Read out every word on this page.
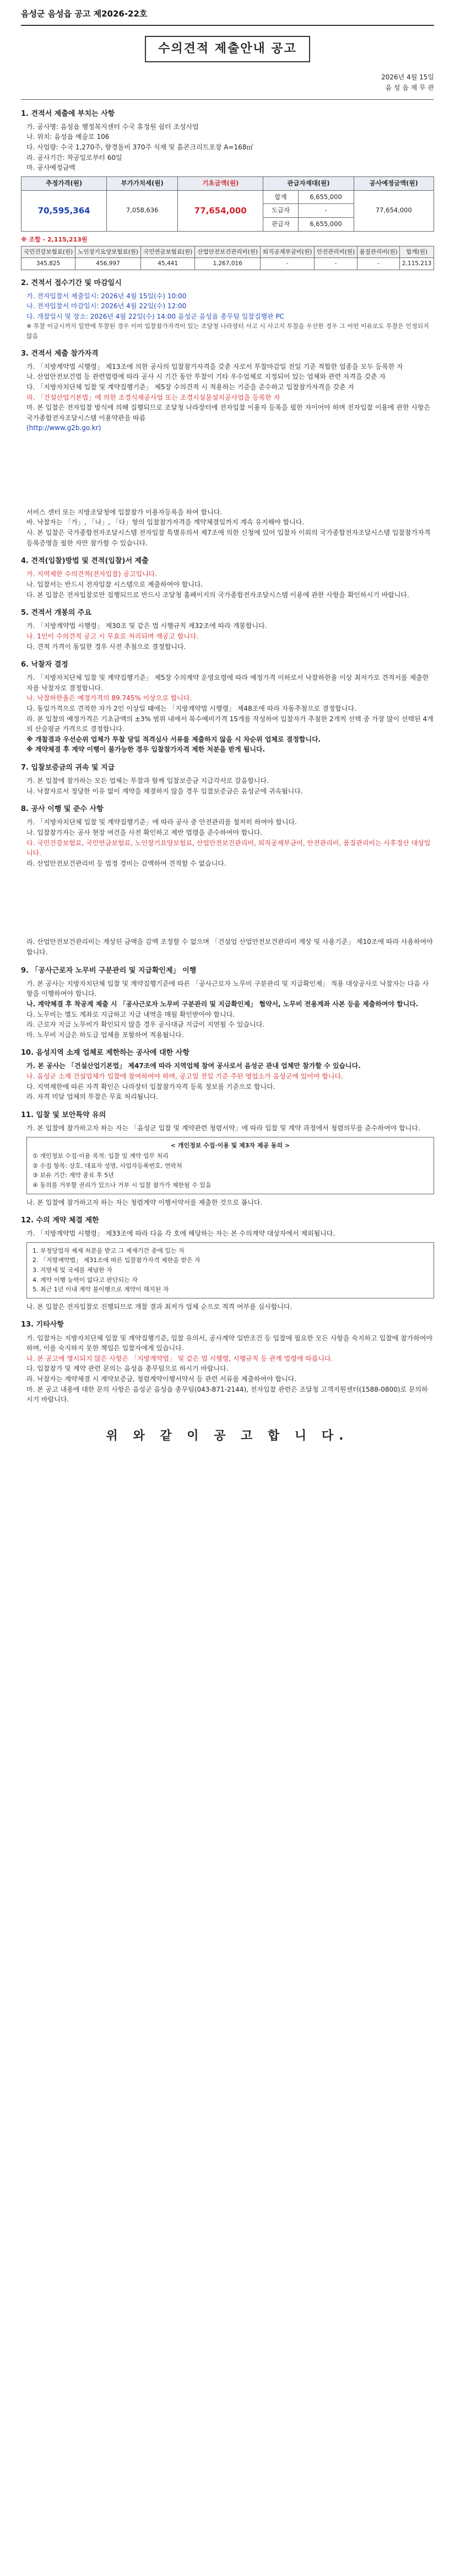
음성군 음성읍 공고 제2026-22호
수의견적 제출안내 공고
2026년 4월 15일
음 성 읍 재 무 관
1. 견적서 제출에 부치는 사항
가. 공사명: 음성읍 행정복지센터 수국 휴정원 쉼터 조성사업
나. 위치: 음성읍 예술로 106
다. 사업량: 수국 1,270주, 향경돌비 370주 식재 및 흙콘크리트포장 A=168㎡
라. 공사기간: 착공일로부터 60일
마. 공사예정금액
추정가격(원)	부가가치세(원)	기초금액(원)	관급자재대(원)		공사예정금액(원)
70,595,364	7,058,636	77,654,000	합계	6,655,000	77,654,000
			도급자	-	
			관급자	6,655,000	
※ 조합 - 2,115,213원
국민건강보험료(원)	노인장기요양보험료(원)	국민연금보험료(원)	산업안전보건관리비(원)	퇴직공제부금비(원)	안전관리비(원)	품질관리비(원)	합계(원)
345,825	456,997	45,441	1,267,016	-	-	-	2,115,213
2. 견적서 접수기간 및 마감일시
가. 전자입찰서 제출일시: 2026년 4월 15일(수) 10:00
나. 전자입찰서 마감일시: 2026년 4월 22일(수) 12:00
다. 개찰일시 및 장소: 2026년 4월 22일(수) 14:00 음성군 음성읍 총무팀 입찰집행관 PC
※ 투찰 이금시까지 일반에 투찰된 경우 이미 입찰참가자격이 있는 조달청 나라장터 사고 시 사고지 투찰을 우선한 경우 그 어떤 이유로도 투찰은 인정되지 않음
3. 견적서 제출 참가자격
가. 「지방계약법 시행령」 제13조에 의한 공사의 입찰참가자격을 갖춘 자로서 투찰마감일 전일 기준 적합한 업종을 모두 등록한 자
나. 산업안전보건법 등 관련법령에 따라 공사 시 기간 동안 투찰이 기타 우수업체로 지정되어 있는 업체와 관련 자격을 갖춘 자
다. 「지방자치단체 입찰 및 계약집행기준」 제5장 수의견적 시 적용하는 기준을 준수하고 입찰참가자격을 갖춘 자
라. 「건설산업기본법」에 의한 조경식재공사업 또는 조경시설물설치공사업을 등록한 자
마. 본 입찰은 전자입찰 방식에 의해 집행되므로 조달청 나라장터에 전자입찰 이용자 등록을 필한 자이어야 하며 전자입찰 이용에 관한 사항은 국가종합전자조달시스템 이용약관을 따름
(http://www.g2b.go.kr)
서비스 센터 또는 지방조달청에 입찰참가 이용자등록을 하여 합니다.
바. 낙찰자는 「가」, 「나」, 「다」항의 입찰참가자격을 계약체결일까지 계속 유지해야 합니다.
사. 본 입찰은 국가종합전자조달시스템 전자입찰 특별유의서 제7조에 의한 신청에 있어 입찰자 이외의 국가종합전자조달시스템 입찰참가자격등록증명을 필한 자만 참가할 수 있습니다.
4. 견적(입찰)방법 및 견적(입찰)서 제출
가. 지역제한 수의견적(전자입찰) 공고입니다.
나. 입찰서는 반드시 전자입찰 시스템으로 제출하여야 합니다.
다. 본 입찰은 전자입찰로만 집행되므로 반드시 조달청 홈페이지의 국가종합전자조달시스템 이용에 관한 사항을 확인하시기 바랍니다.
5. 견적서 개봉의 주요
가. 「지방계약법 시행령」 제30조 및 같은 법 시행규칙 제32조에 따라 개봉합니다.
나. 1인이 수의견적 공고 시 무효로 처리되며 재공고 합니다.
다. 견적 가격이 동일한 경우 사전 추첨으로 결정합니다.
6. 낙찰자 결정
가. 「지방자치단체 입찰 및 계약집행기준」 제5장 수의계약 운영요령에 따라 예정가격 이하로서 낙찰하한율 이상 최저가로 견적서를 제출한 자를 낙찰자로 결정합니다.
나. 낙찰하한율은 예정가격의 89.745% 이상으로 합니다.
다. 동일가격으로 견적한 자가 2인 이상일 때에는 「지방계약법 시행령」 제48조에 따라 자동추첨으로 결정합니다.
라. 본 입찰의 예정가격은 기초금액의 ±3% 범위 내에서 복수예비가격 15개를 작성하여 입찰자가 추첨한 2개씩 선택 중 가장 많이 선택된 4개의 산술평균 가격으로 결정합니다.
※ 개찰결과 우선순위 업체가 투찰 당일 적격심사 서류를 제출하지 않을 시 차순위 업체로 결정합니다.
※ 계약체결 후 계약 이행이 불가능한 경우 입찰참가자격 제한 처분을 받게 됩니다.
7. 입찰보증금의 귀속 및 지급
가. 본 입찰에 참가하는 모든 업체는 투찰과 함께 입찰보증금 지급각서로 갈음합니다.
나. 낙찰자로서 정당한 이유 없이 계약을 체결하지 않을 경우 입찰보증금은 음성군에 귀속됩니다.
8. 공사 이행 및 준수 사항
가. 「지방자치단체 입찰 및 계약집행기준」에 따라 공사 중 안전관리를 철저히 하여야 합니다.
나. 입찰참가자는 공사 현장 여건을 사전 확인하고 제반 법령을 준수하여야 합니다.
다. 국민건강보험료, 국민연금보험료, 노인장기요양보험료, 산업안전보건관리비, 퇴직공제부금비, 안전관리비, 품질관리비는 사후정산 대상입니다.
라. 산업안전보건관리비 등 법정 경비는 감액하여 견적할 수 없습니다.
라. 산업안전보건관리비는 계상된 금액을 감액 조정할 수 없으며 「건설업 산업안전보건관리비 계상 및 사용기준」 제10조에 따라 사용하여야 합니다.
9. 「공사근로자 노무비 구분관리 및 지급확인제」 이행
가. 본 공사는 지방자치단체 입찰 및 계약집행기준에 따른 「공사근로자 노무비 구분관리 및 지급확인제」 적용 대상공사로 낙찰자는 다음 사항을 이행하여야 합니다.
나. 계약체결 후 착공계 제출 시 「공사근로자 노무비 구분관리 및 지급확인제」 협약서, 노무비 전용계좌 사본 등을 제출하여야 합니다.
다. 노무비는 별도 계좌로 지급하고 지급 내역을 매월 확인받아야 합니다.
라. 근로자 지급 노무비가 확인되지 않을 경우 공사대금 지급이 지연될 수 있습니다.
마. 노무비 지급은 하도급 업체를 포함하여 적용됩니다.
10. 음성지역 소재 업체로 제한하는 공사에 대한 사항
가. 본 공사는 「건설산업기본법」 제47조에 따라 지역업체 참여 공사로서 음성군 관내 업체만 참가할 수 있습니다.
나. 음성군 소재 건설업체가 입찰에 참여하여야 하며, 공고일 전일 기준 주된 영업소가 음성군에 있어야 합니다.
다. 지역제한에 따른 자격 확인은 나라장터 입찰참가자격 등록 정보를 기준으로 합니다.
라. 자격 미달 업체의 투찰은 무효 처리됩니다.
11. 입찰 및 보안특약 유의
가. 본 입찰에 참가하고자 하는 자는 「음성군 입찰 및 계약관련 청렴서약」에 따라 입찰 및 계약 과정에서 청렴의무를 준수하여야 합니다.
< 개인정보 수집·이용 및 제3자 제공 동의 >
① 개인정보 수집·이용 목적: 입찰 및 계약 업무 처리
② 수집 항목: 상호, 대표자 성명, 사업자등록번호, 연락처
③ 보유 기간: 계약 종료 후 5년
④ 동의를 거부할 권리가 있으나 거부 시 입찰 참가가 제한될 수 있음
나. 본 입찰에 참가하고자 하는 자는 청렴계약 이행서약서를 제출한 것으로 봅니다.
12. 수의 계약 체결 제한
가. 「지방계약법 시행령」 제33조에 따라 다음 각 호에 해당하는 자는 본 수의계약 대상자에서 제외됩니다.
1. 부정당업자 제재 처분을 받고 그 제재기간 중에 있는 자
2. 「지방계약법」 제31조에 따른 입찰참가자격 제한을 받은 자
3. 지방세 및 국세를 체납한 자
4. 계약 이행 능력이 없다고 판단되는 자
5. 최근 1년 이내 계약 불이행으로 계약이 해지된 자
나. 본 입찰은 전자입찰로 진행되므로 개찰 결과 최저가 업체 순으로 적격 여부를 심사합니다.
13. 기타사항
가. 입찰자는 지방자치단체 입찰 및 계약집행기준, 입찰 유의서, 공사계약 일반조건 등 입찰에 필요한 모든 사항을 숙지하고 입찰에 참가하여야 하며, 이를 숙지하지 못한 책임은 입찰자에게 있습니다.
나. 본 공고에 명시되지 않은 사항은 「지방계약법」 및 같은 법 시행령, 시행규칙 등 관계 법령에 따릅니다.
다. 입찰참가 및 계약 관련 문의는 음성읍 총무팀으로 하시기 바랍니다.
라. 낙찰자는 계약체결 시 계약보증금, 청렴계약이행서약서 등 관련 서류를 제출하여야 합니다.
마. 본 공고 내용에 대한 문의 사항은 음성군 음성읍 총무팀(043-871-2144), 전자입찰 관련은 조달청 고객지원센터(1588-0800)로 문의하시기 바랍니다.
위 와 같 이 공 고 합 니 다.
